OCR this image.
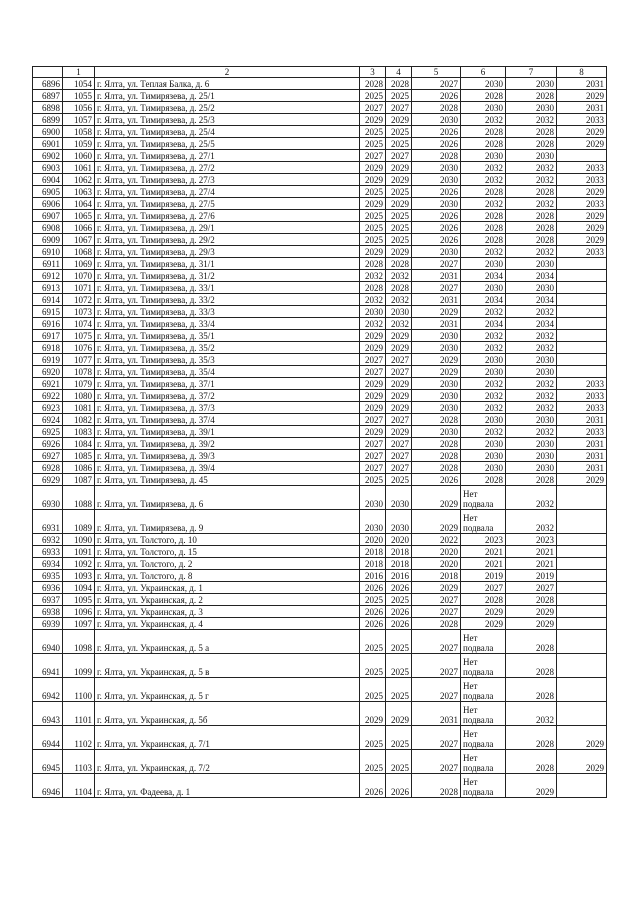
	1	2	3	4	5	6	7	8
6896	1054	г. Ялта, ул. Теплая Балка, д. 6	2028	2028	2027	2030	2030	2031
6897	1055	г. Ялта, ул. Тимирязева, д. 25/1	2025	2025	2026	2028	2028	2029
6898	1056	г. Ялта, ул. Тимирязева, д. 25/2	2027	2027	2028	2030	2030	2031
6899	1057	г. Ялта, ул. Тимирязева, д. 25/3	2029	2029	2030	2032	2032	2033
6900	1058	г. Ялта, ул. Тимирязева, д. 25/4	2025	2025	2026	2028	2028	2029
6901	1059	г. Ялта, ул. Тимирязева, д. 25/5	2025	2025	2026	2028	2028	2029
6902	1060	г. Ялта, ул. Тимирязева, д. 27/1	2027	2027	2028	2030	2030	
6903	1061	г. Ялта, ул. Тимирязева, д. 27/2	2029	2029	2030	2032	2032	2033
6904	1062	г. Ялта, ул. Тимирязева, д. 27/3	2029	2029	2030	2032	2032	2033
6905	1063	г. Ялта, ул. Тимирязева, д. 27/4	2025	2025	2026	2028	2028	2029
6906	1064	г. Ялта, ул. Тимирязева, д. 27/5	2029	2029	2030	2032	2032	2033
6907	1065	г. Ялта, ул. Тимирязева, д. 27/6	2025	2025	2026	2028	2028	2029
6908	1066	г. Ялта, ул. Тимирязева, д. 29/1	2025	2025	2026	2028	2028	2029
6909	1067	г. Ялта, ул. Тимирязева, д. 29/2	2025	2025	2026	2028	2028	2029
6910	1068	г. Ялта, ул. Тимирязева, д. 29/3	2029	2029	2030	2032	2032	2033
6911	1069	г. Ялта, ул. Тимирязева, д. 31/1	2028	2028	2027	2030	2030	
6912	1070	г. Ялта, ул. Тимирязева, д. 31/2	2032	2032	2031	2034	2034	
6913	1071	г. Ялта, ул. Тимирязева, д. 33/1	2028	2028	2027	2030	2030	
6914	1072	г. Ялта, ул. Тимирязева, д. 33/2	2032	2032	2031	2034	2034	
6915	1073	г. Ялта, ул. Тимирязева, д. 33/3	2030	2030	2029	2032	2032	
6916	1074	г. Ялта, ул. Тимирязева, д. 33/4	2032	2032	2031	2034	2034	
6917	1075	г. Ялта, ул. Тимирязева, д. 35/1	2029	2029	2030	2032	2032	
6918	1076	г. Ялта, ул. Тимирязева, д. 35/2	2029	2029	2030	2032	2032	
6919	1077	г. Ялта, ул. Тимирязева, д. 35/3	2027	2027	2029	2030	2030	
6920	1078	г. Ялта, ул. Тимирязева, д. 35/4	2027	2027	2029	2030	2030	
6921	1079	г. Ялта, ул. Тимирязева, д. 37/1	2029	2029	2030	2032	2032	2033
6922	1080	г. Ялта, ул. Тимирязева, д. 37/2	2029	2029	2030	2032	2032	2033
6923	1081	г. Ялта, ул. Тимирязева, д. 37/3	2029	2029	2030	2032	2032	2033
6924	1082	г. Ялта, ул. Тимирязева, д. 37/4	2027	2027	2028	2030	2030	2031
6925	1083	г. Ялта, ул. Тимирязева, д. 39/1	2029	2029	2030	2032	2032	2033
6926	1084	г. Ялта, ул. Тимирязева, д. 39/2	2027	2027	2028	2030	2030	2031
6927	1085	г. Ялта, ул. Тимирязева, д. 39/3	2027	2027	2028	2030	2030	2031
6928	1086	г. Ялта, ул. Тимирязева, д. 39/4	2027	2027	2028	2030	2030	2031
6929	1087	г. Ялта, ул. Тимирязева, д. 45	2025	2025	2026	2028	2028	2029
6930	1088	г. Ялта, ул. Тимирязева, д. 6	2030	2030	2029	Нет подвала	2032	
6931	1089	г. Ялта, ул. Тимирязева, д. 9	2030	2030	2029	Нет подвала	2032	
6932	1090	г. Ялта, ул. Толстого, д. 10	2020	2020	2022	2023	2023	
6933	1091	г. Ялта, ул. Толстого, д. 15	2018	2018	2020	2021	2021	
6934	1092	г. Ялта, ул. Толстого, д. 2	2018	2018	2020	2021	2021	
6935	1093	г. Ялта, ул. Толстого, д. 8	2016	2016	2018	2019	2019	
6936	1094	г. Ялта, ул. Украинская, д. 1	2026	2026	2029	2027	2027	
6937	1095	г. Ялта, ул. Украинская, д. 2	2025	2025	2027	2028	2028	
6938	1096	г. Ялта, ул. Украинская, д. 3	2026	2026	2027	2029	2029	
6939	1097	г. Ялта, ул. Украинская, д. 4	2026	2026	2028	2029	2029	
6940	1098	г. Ялта, ул. Украинская, д. 5 а	2025	2025	2027	Нет подвала	2028	
6941	1099	г. Ялта, ул. Украинская, д. 5 в	2025	2025	2027	Нет подвала	2028	
6942	1100	г. Ялта, ул. Украинская, д. 5 г	2025	2025	2027	Нет подвала	2028	
6943	1101	г. Ялта, ул. Украинская, д. 5б	2029	2029	2031	Нет подвала	2032	
6944	1102	г. Ялта, ул. Украинская, д. 7/1	2025	2025	2027	Нет подвала	2028	2029
6945	1103	г. Ялта, ул. Украинская, д. 7/2	2025	2025	2027	Нет подвала	2028	2029
6946	1104	г. Ялта, ул. Фадеева, д. 1	2026	2026	2028	Нет подвала	2029	
